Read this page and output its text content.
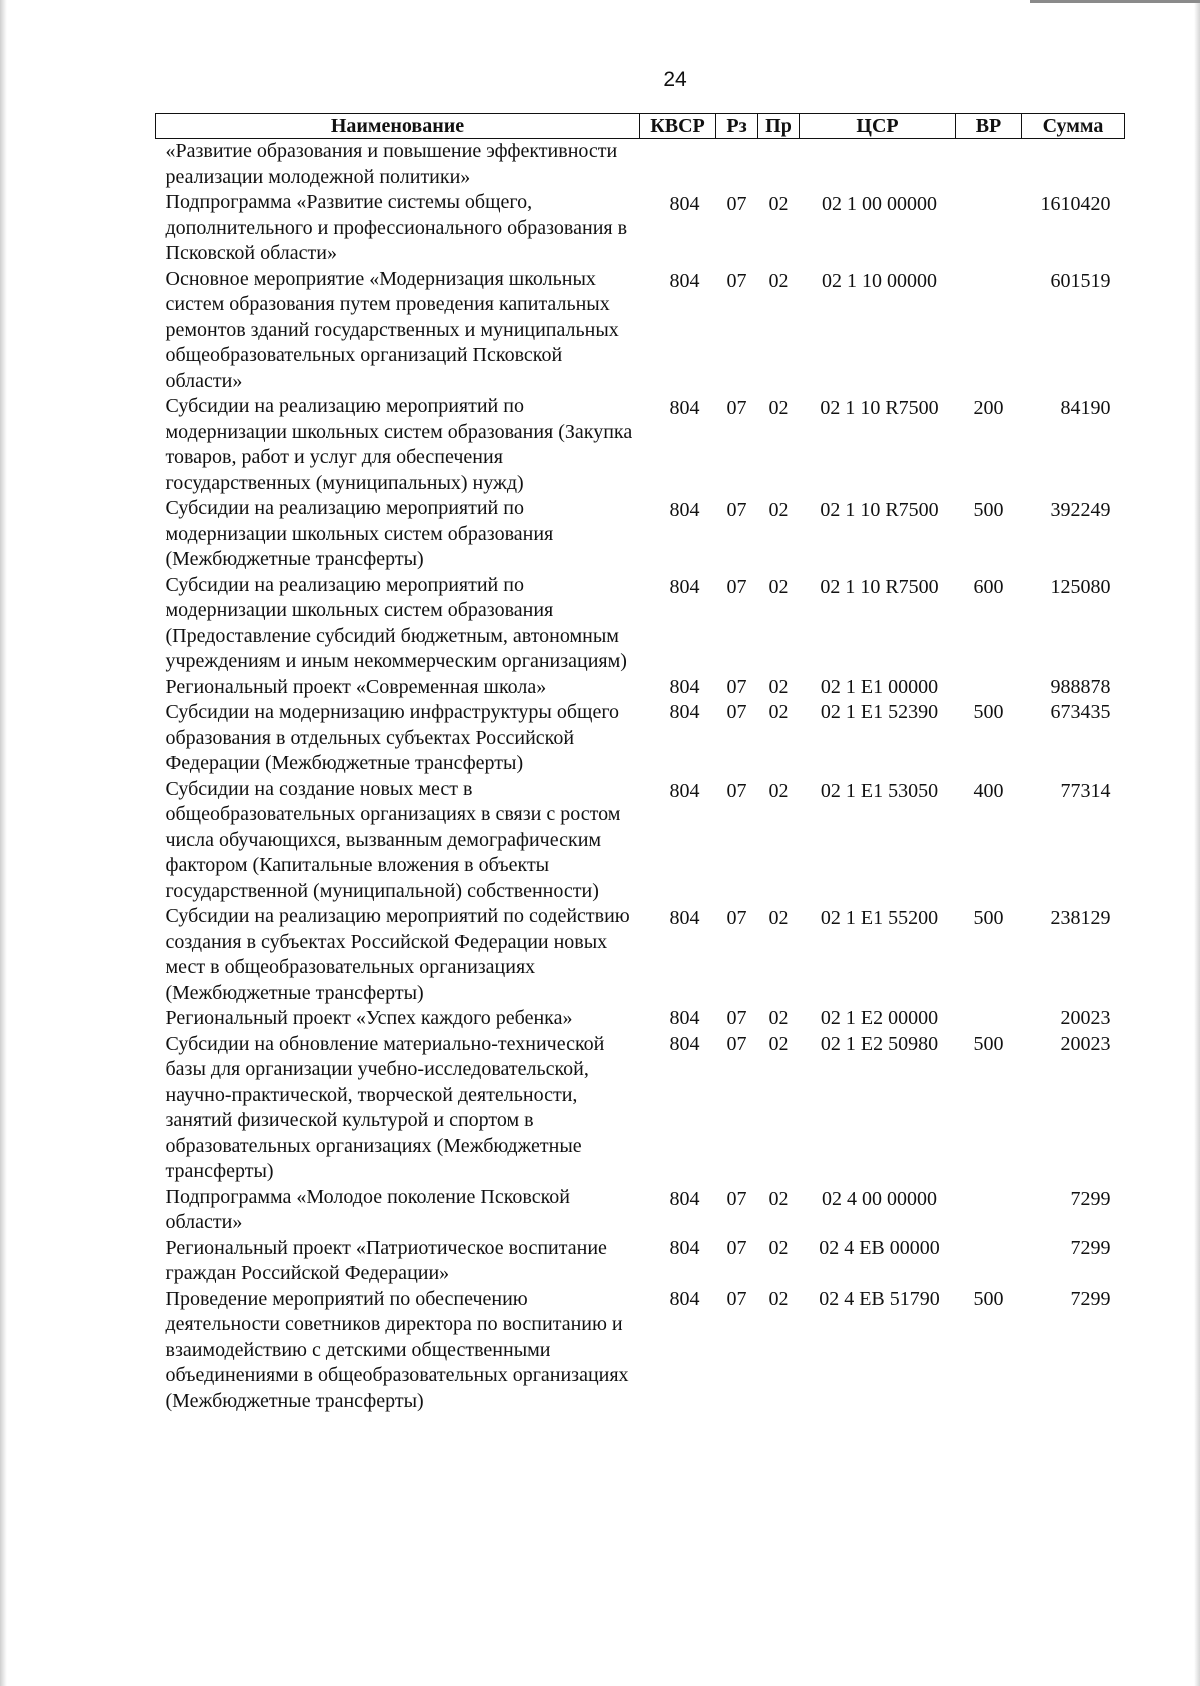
24
Наименование	КВСР	Рз	Пр	ЦСР	ВР	Сумма
«Развитие образования и повышение эффективности реализации молодежной политики»						
Подпрограмма «Развитие системы общего, дополнительного и профессионального образования в Псковской области»	804	07	02	02 1 00 00000		1610420
Основное мероприятие «Модернизация школьных систем образования путем проведения капитальных ремонтов зданий государственных и муниципальных общеобразовательных организаций Псковской области»	804	07	02	02 1 10 00000		601519
Субсидии на реализацию мероприятий по модернизации школьных систем образования (Закупка товаров, работ и услуг для обеспечения государственных (муниципальных) нужд)	804	07	02	02 1 10 R7500	200	84190
Субсидии на реализацию мероприятий по модернизации школьных систем образования (Межбюджетные трансферты)	804	07	02	02 1 10 R7500	500	392249
Субсидии на реализацию мероприятий по модернизации школьных систем образования (Предоставление субсидий бюджетным, автономным учреждениям и иным некоммерческим организациям)	804	07	02	02 1 10 R7500	600	125080
Региональный проект «Современная школа»	804	07	02	02 1 E1 00000		988878
Субсидии на модернизацию инфраструктуры общего образования в отдельных субъектах Российской Федерации (Межбюджетные трансферты)	804	07	02	02 1 E1 52390	500	673435
Субсидии на создание новых мест в общеобразовательных организациях в связи с ростом числа обучающихся, вызванным демографическим фактором (Капитальные вложения в объекты государственной (муниципальной) собственности)	804	07	02	02 1 E1 53050	400	77314
Субсидии на реализацию мероприятий по содействию создания в субъектах Российской Федерации новых мест в общеобразовательных организациях (Межбюджетные трансферты)	804	07	02	02 1 E1 55200	500	238129
Региональный проект «Успех каждого ребенка»	804	07	02	02 1 E2 00000		20023
Субсидии на обновление материально-технической базы для организации учебно-исследовательской, научно-практической, творческой деятельности, занятий физической культурой и спортом в образовательных организациях (Межбюджетные трансферты)	804	07	02	02 1 E2 50980	500	20023
Подпрограмма «Молодое поколение Псковской области»	804	07	02	02 4 00 00000		7299
Региональный проект «Патриотическое воспитание граждан Российской Федерации»	804	07	02	02 4 EB 00000		7299
Проведение мероприятий по обеспечению деятельности советников директора по воспитанию и взаимодействию с детскими общественными объединениями в общеобразовательных организациях (Межбюджетные трансферты)	804	07	02	02 4 EB 51790	500	7299
